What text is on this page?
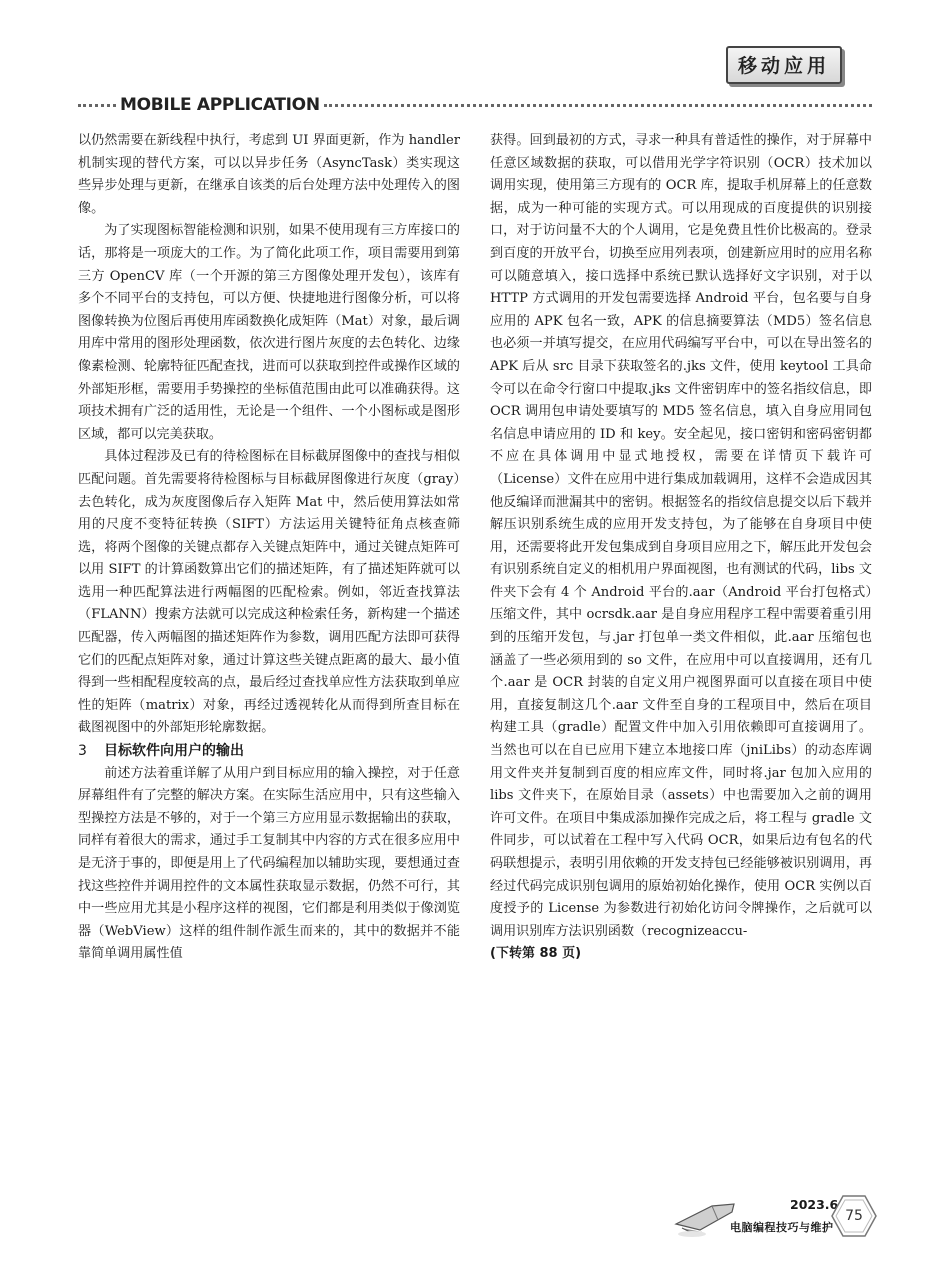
移动应用
MOBILE APPLICATION

以仍然需要在新线程中执行，考虑到 UI 界面更新，作为 handler 机制实现的替代方案，可以以异步任务（AsyncTask）类实现这些异步处理与更新，在继承自该类的后台处理方法中处理传入的图像。

为了实现图标智能检测和识别，如果不使用现有三方库接口的话，那将是一项庞大的工作。为了简化此项工作，项目需要用到第三方 OpenCV 库（一个开源的第三方图像处理开发包），该库有多个不同平台的支持包，可以方便、快捷地进行图像分析，可以将图像转换为位图后再使用库函数换化成矩阵（Mat）对象，最后调用库中常用的图形处理函数，依次进行图片灰度的去色转化、边缘像素检测、轮廓特征匹配查找，进而可以获取到控件或操作区域的外部矩形框，需要用手势操控的坐标值范围由此可以准确获得。这项技术拥有广泛的适用性，无论是一个组件、一个小图标或是图形区域，都可以完美获取。

具体过程涉及已有的待检图标在目标截屏图像中的查找与相似匹配问题。首先需要将待检图标与目标截屏图像进行灰度（gray）去色转化，成为灰度图像后存入矩阵 Mat 中，然后使用算法如常用的尺度不变特征转换（SIFT）方法运用关键特征角点核查筛选，将两个图像的关键点都存入关键点矩阵中，通过关键点矩阵可以用 SIFT 的计算函数算出它们的描述矩阵，有了描述矩阵就可以选用一种匹配算法进行两幅图的匹配检索。例如，邻近查找算法（FLANN）搜索方法就可以完成这种检索任务，新构建一个描述匹配器，传入两幅图的描述矩阵作为参数，调用匹配方法即可获得它们的匹配点矩阵对象，通过计算这些关键点距离的最大、最小值得到一些相配程度较高的点，最后经过查找单应性方法获取到单应性的矩阵（matrix）对象，再经过透视转化从而得到所查目标在截图视图中的外部矩形轮廓数据。

3 目标软件向用户的输出

前述方法着重详解了从用户到目标应用的输入操控，对于任意屏幕组件有了完整的解决方案。在实际生活应用中，只有这些输入型操控方法是不够的，对于一个第三方应用显示数据输出的获取，同样有着很大的需求，通过手工复制其中内容的方式在很多应用中是无济于事的，即便是用上了代码编程加以辅助实现，要想通过查找这些控件并调用控件的文本属性获取显示数据，仍然不可行，其中一些应用尤其是小程序这样的视图，它们都是利用类似于像浏览器（WebView）这样的组件制作派生而来的，其中的数据并不能靠简单调用属性值

获得。回到最初的方式，寻求一种具有普适性的操作，对于屏幕中任意区域数据的获取，可以借用光学字符识别（OCR）技术加以调用实现，使用第三方现有的 OCR 库，提取手机屏幕上的任意数据，成为一种可能的实现方式。可以用现成的百度提供的识别接口，对于访问量不大的个人调用，它是免费且性价比极高的。登录到百度的开放平台，切换至应用列表项，创建新应用时的应用名称可以随意填入，接口选择中系统已默认选择好文字识别，对于以 HTTP 方式调用的开发包需要选择 Android 平台，包名要与自身应用的 APK 包名一致，APK 的信息摘要算法（MD5）签名信息也必须一并填写提交，在应用代码编写平台中，可以在导出签名的 APK 后从 src 目录下获取签名的.jks 文件，使用 keytool 工具命令可以在命令行窗口中提取.jks 文件密钥库中的签名指纹信息，即 OCR 调用包申请处要填写的 MD5 签名信息，填入自身应用同包名信息申请应用的 ID 和 key。安全起见，接口密钥和密码密钥都不应在具体调用中显式地授权，需要在详情页下载许可（License）文件在应用中进行集成加载调用，这样不会造成因其他反编译而泄漏其中的密钥。根据签名的指纹信息提交以后下载并解压识别系统生成的应用开发支持包，为了能够在自身项目中使用，还需要将此开发包集成到自身项目应用之下，解压此开发包会有识别系统自定义的相机用户界面视图，也有测试的代码，libs 文件夹下会有 4 个 Android 平台的.aar（Android 平台打包格式）压缩文件，其中 ocrsdk.aar 是自身应用程序工程中需要着重引用到的压缩开发包，与.jar 打包单一类文件相似，此.aar 压缩包也涵盖了一些必须用到的 so 文件，在应用中可以直接调用，还有几个.aar 是 OCR 封装的自定义用户视图界面可以直接在项目中使用，直接复制这几个.aar 文件至自身的工程项目中，然后在项目构建工具（gradle）配置文件中加入引用依赖即可直接调用了。当然也可以在自已应用下建立本地接口库（jniLibs）的动态库调用文件夹并复制到百度的相应库文件，同时将.jar 包加入应用的 libs 文件夹下，在原始目录（assets）中也需要加入之前的调用许可文件。在项目中集成添加操作完成之后，将工程与 gradle 文件同步，可以试着在工程中写入代码 OCR，如果后边有包名的代码联想提示，表明引用依赖的开发支持包已经能够被识别调用，再经过代码完成识别包调用的原始初始化操作，使用 OCR 实例以百度授予的 License 为参数进行初始化访问令牌操作，之后就可以调用识别库方法识别函数（recognizeaccu-

(下转第 88 页)
2023.6
电脑编程技巧与维护
75
